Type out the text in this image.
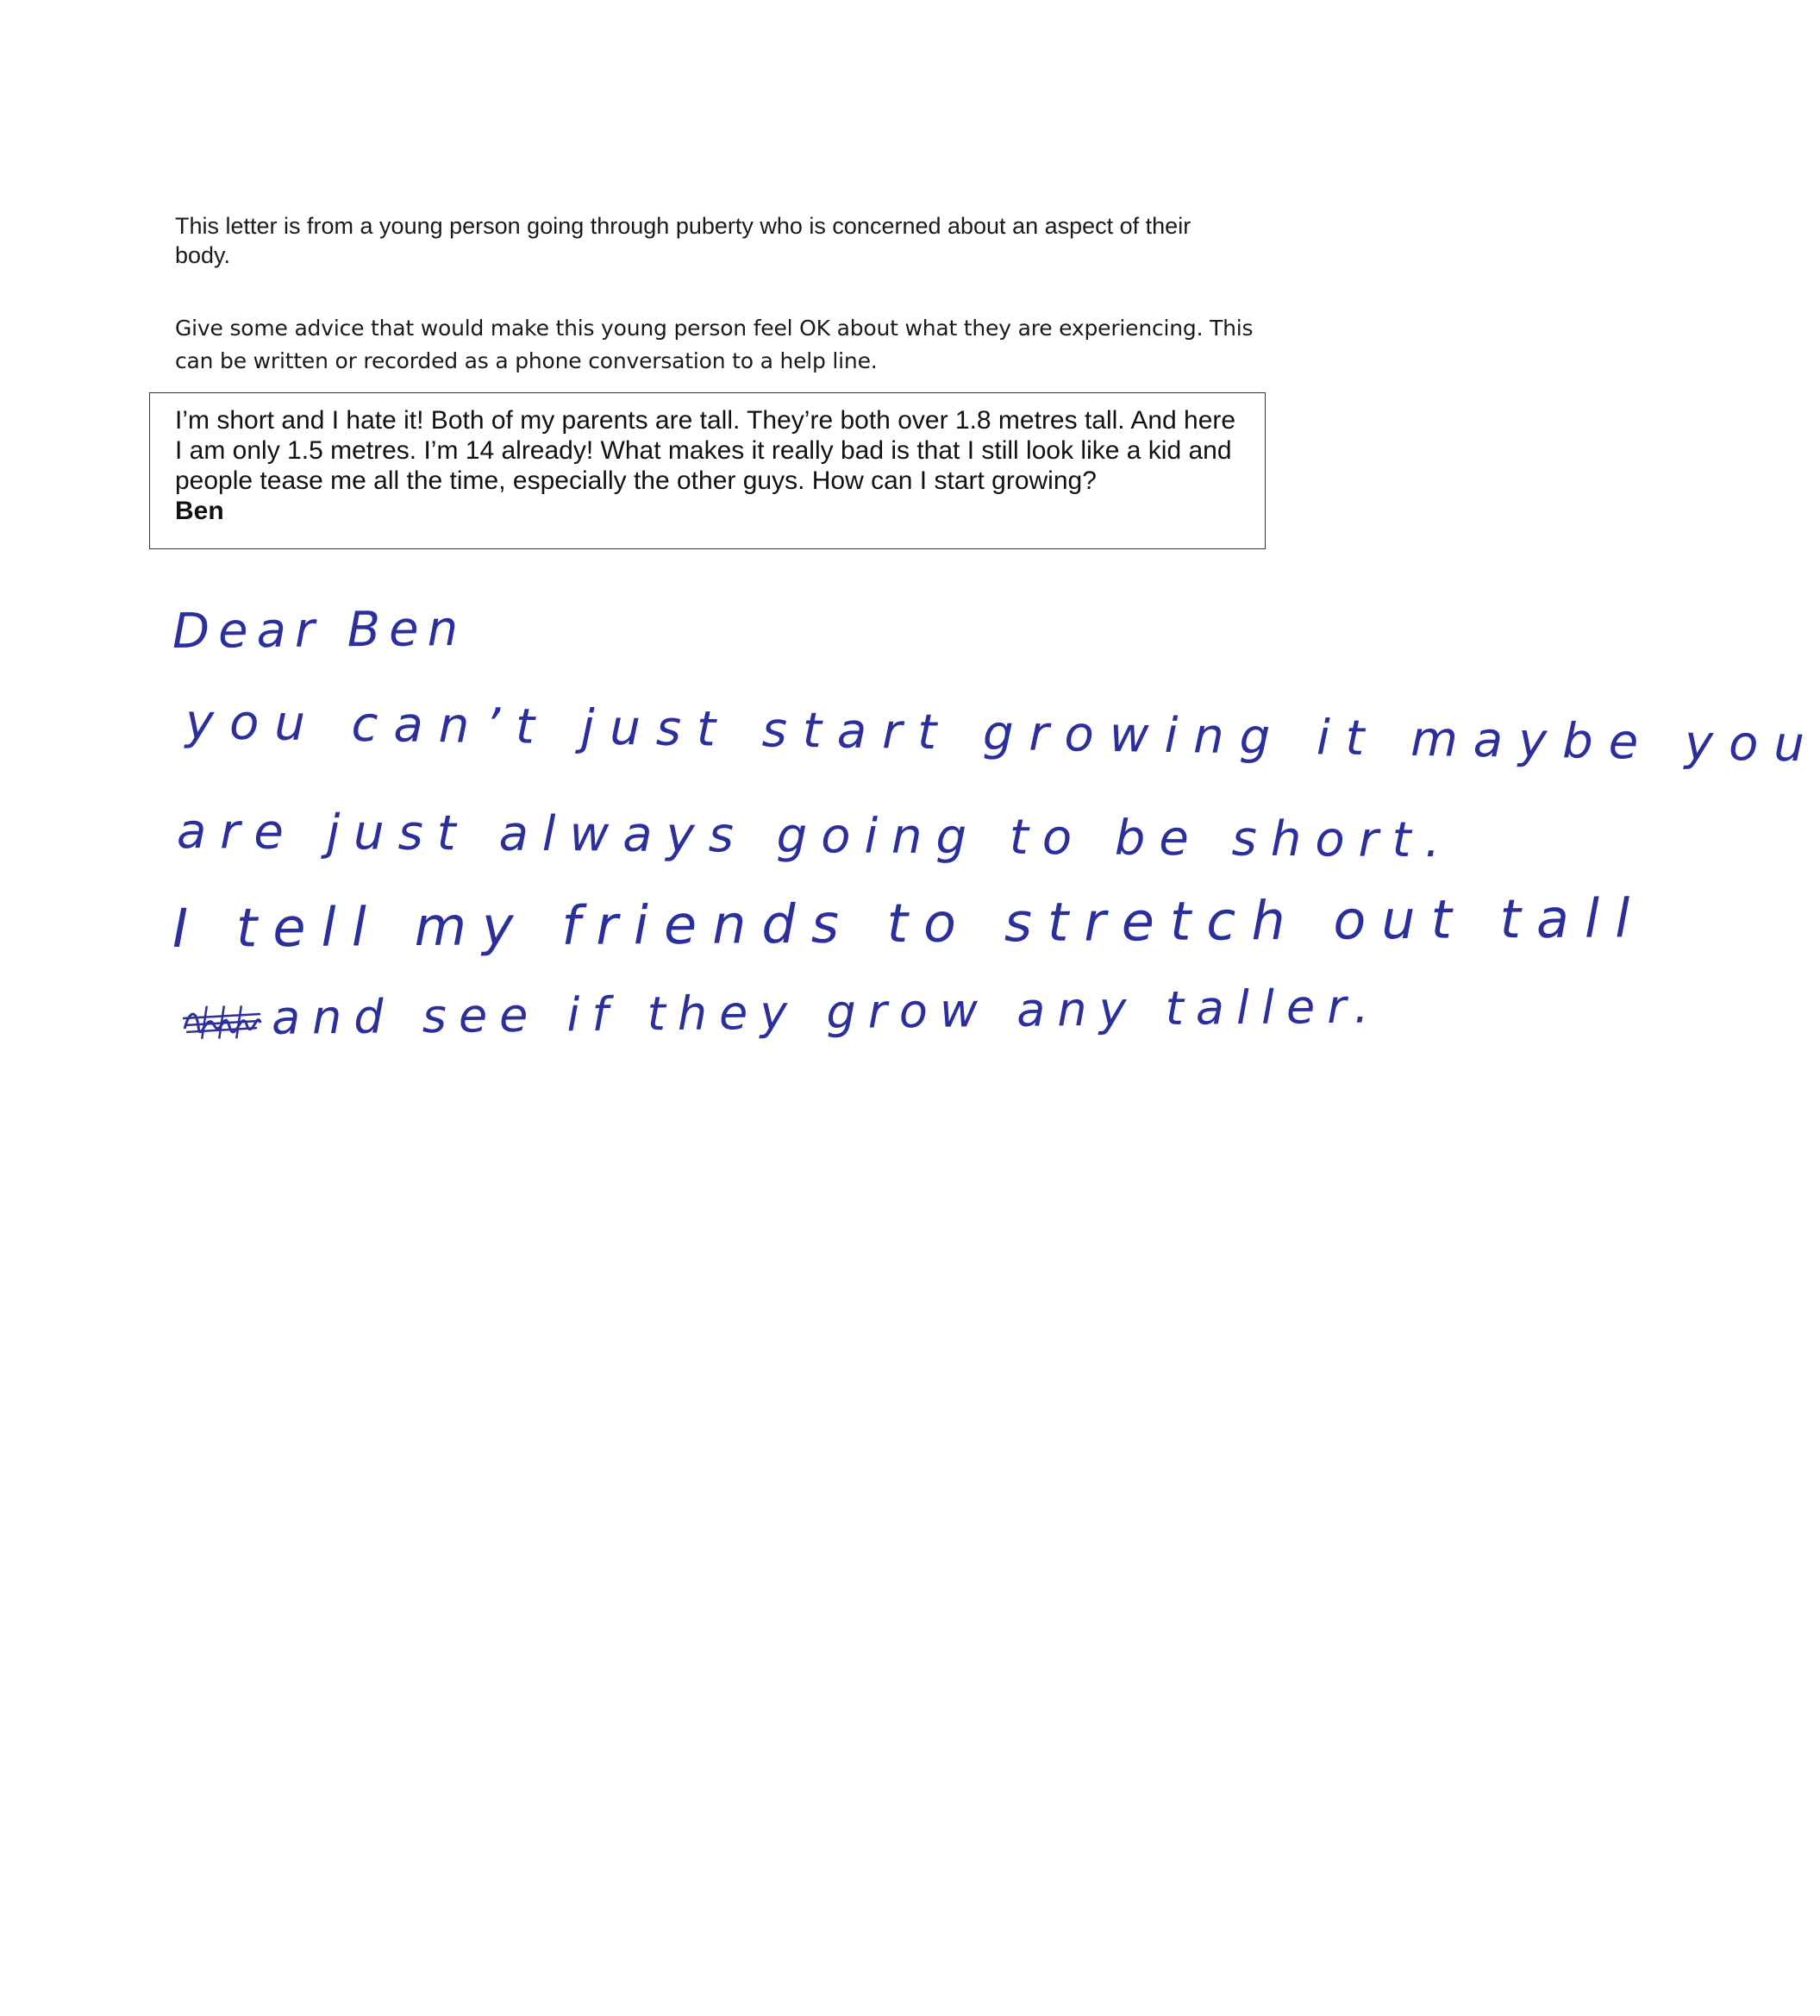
This letter is from a young person going through puberty who is concerned about an aspect of their body.
Give some advice that would make this young person feel OK about what they are experiencing. This can be written or recorded as a phone conversation to a help line.
I’m short and I hate it! Both of my parents are tall. They’re both over 1.8 metres tall. And here I am only 1.5 metres. I’m 14 already! What makes it really bad is that I still look like a kid and people tease me all the time, especially the other guys. How can I start growing?
Ben
Dear Ben
you can’t just start growing it maybe you
are just always going to be short.
I tell my friends to stretch out tall
and see if they grow any taller.
